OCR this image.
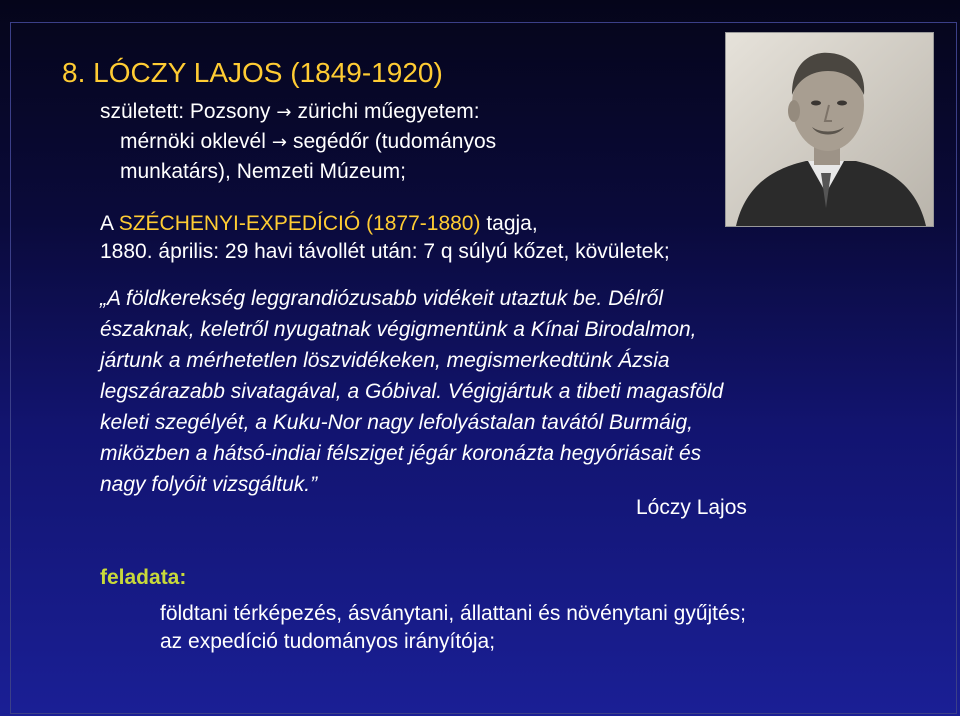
8. LÓCZY LAJOS (1849-1920)

született: Pozsony → zürichi műegyetem:

mérnöki oklevél → segédőr (tudományos

munkatárs), Nemzeti Múzeum;

A SZÉCHENYI-EXPEDÍCIÓ (1877-1880) tagja,

1880. április: 29 havi távollét után: 7 q súlyú kőzet, kövületek;

„A földkerekség leggrandiózusabb vidékeit utaztuk be. Délről
északnak, keletről nyugatnak végigmentünk a Kínai Birodalmon,
jártunk a mérhetetlen löszvidékeken, megismerkedtünk Ázsia
legszárazabb sivatagával, a Góbival. Végigjártuk a tibeti magasföld
keleti szegélyét, a Kuku-Nor nagy lefolyástalan tavától Burmáig,
miközben a hátsó-indiai félsziget jégár koronázta hegyóriásait és
nagy folyóit vizsgáltuk.”
Lóczy Lajos
feladata:

földtani térképezés, ásványtani, állattani és növénytani gyűjtés;

az expedíció tudományos irányítója;
